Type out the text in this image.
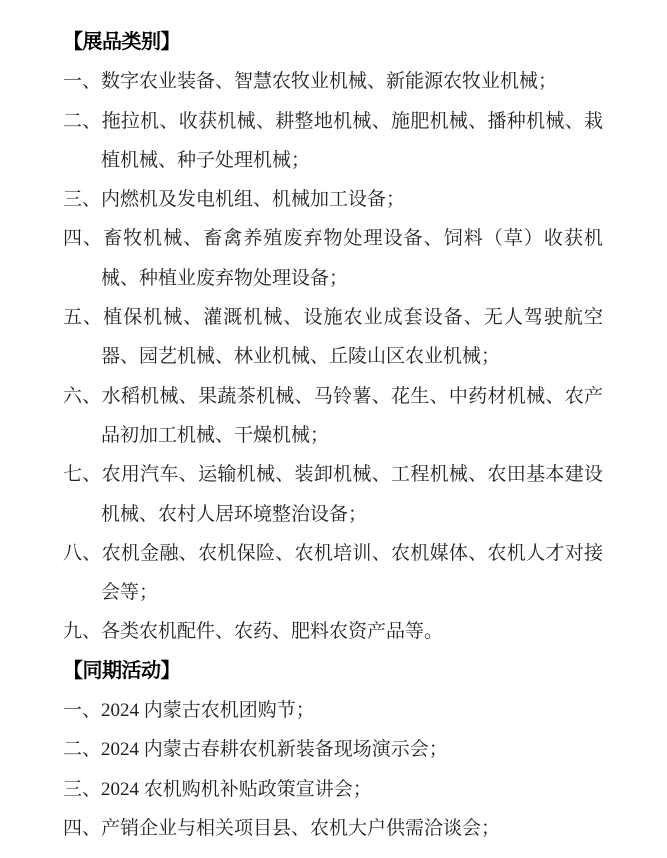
【展品类别】

一、数字农业装备、智慧农牧业机械、新能源农牧业机械；

二、拖拉机、收获机械、耕整地机械、施肥机械、播种机械、栽植机械、种子处理机械；

三、内燃机及发电机组、机械加工设备；

四、畜牧机械、畜禽养殖废弃物处理设备、饲料（草）收获机械、种植业废弃物处理设备；

五、植保机械、灌溉机械、设施农业成套设备、无人驾驶航空器、园艺机械、林业机械、丘陵山区农业机械；

六、水稻机械、果蔬茶机械、马铃薯、花生、中药材机械、农产品初加工机械、干燥机械；

七、农用汽车、运输机械、装卸机械、工程机械、农田基本建设机械、农村人居环境整治设备；

八、农机金融、农机保险、农机培训、农机媒体、农机人才对接会等；

九、各类农机配件、农药、肥料农资产品等。

【同期活动】

一、2024 内蒙古农机团购节；

二、2024 内蒙古春耕农机新装备现场演示会；

三、2024 农机购机补贴政策宣讲会；

四、产销企业与相关项目县、农机大户供需洽谈会；
